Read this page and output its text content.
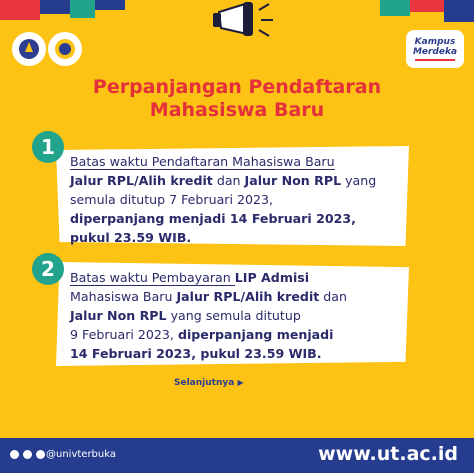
Kampus
Merdeka
Perpanjangan Pendaftaran
Mahasiswa Baru
1
Batas waktu Pendaftaran Mahasiswa Baru
Jalur RPL/Alih kredit dan Jalur Non RPL yang
semula ditutup 7 Februari 2023,
diperpanjang menjadi 14 Februari 2023,
pukul 23.59 WIB.
2	Batas waktu Pembayaran LIP Admisi
Mahasiswa Baru Jalur RPL/Alih kredit dan
Jalur Non RPL yang semula ditutup
9 Februari 2023, diperpanjang menjadi
14 Februari 2023, pukul 23.59 WIB.
Selanjutnya ▶
@univterbuka	www.ut.ac.id
